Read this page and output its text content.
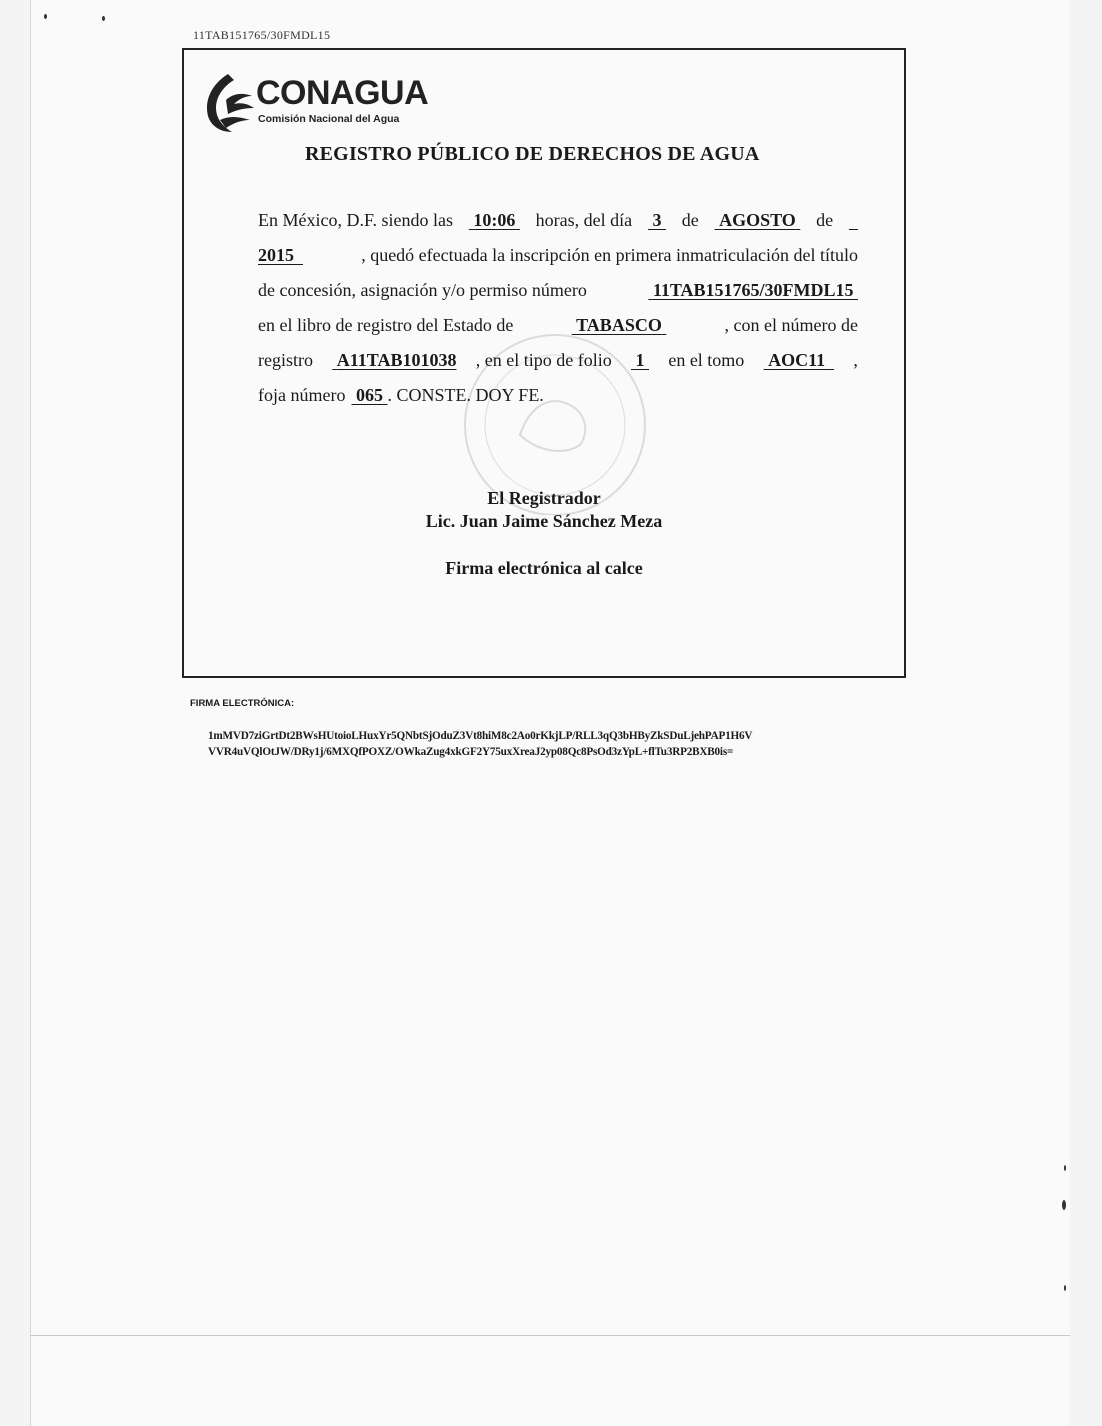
11TAB151765/30FMDL15
CONAGUA
Comisión Nacional del Agua
REGISTRO PÚBLICO DE DERECHOS DE AGUA
En México, D.F. siendo las 10:06 horas, del día 3 de AGOSTO de

2015	, quedó efectuada la inscripción en primera inmatriculación del título
de concesión, asignación y/o permiso número	11TAB151765/30FMDL15
en el libro de registro del Estado de	TABASCO	, con el número de
registro A11TAB101038 , en el tipo de folio 1 en el tomo AOC11	,
foja número 065 . CONSTE. DOY FE.
El Registrador
Lic. Juan Jaime Sánchez Meza
Firma electrónica al calce
FIRMA ELECTRÓNICA:
1mMVD7ziGrtDt2BWsHUtoioLHuxYr5QNbtSjOduZ3Vt8hiM8c2Ao0rKkjLP/RLL3qQ3bHByZkSDuLjehPAP1H6V
VVR4uVQlOtJW/DRy1j/6MXQfPOXZ/OWkaZug4xkGF2Y75uxXreaJ2yp08Qc8PsOd3zYpL+flTu3RP2BXB0is=
